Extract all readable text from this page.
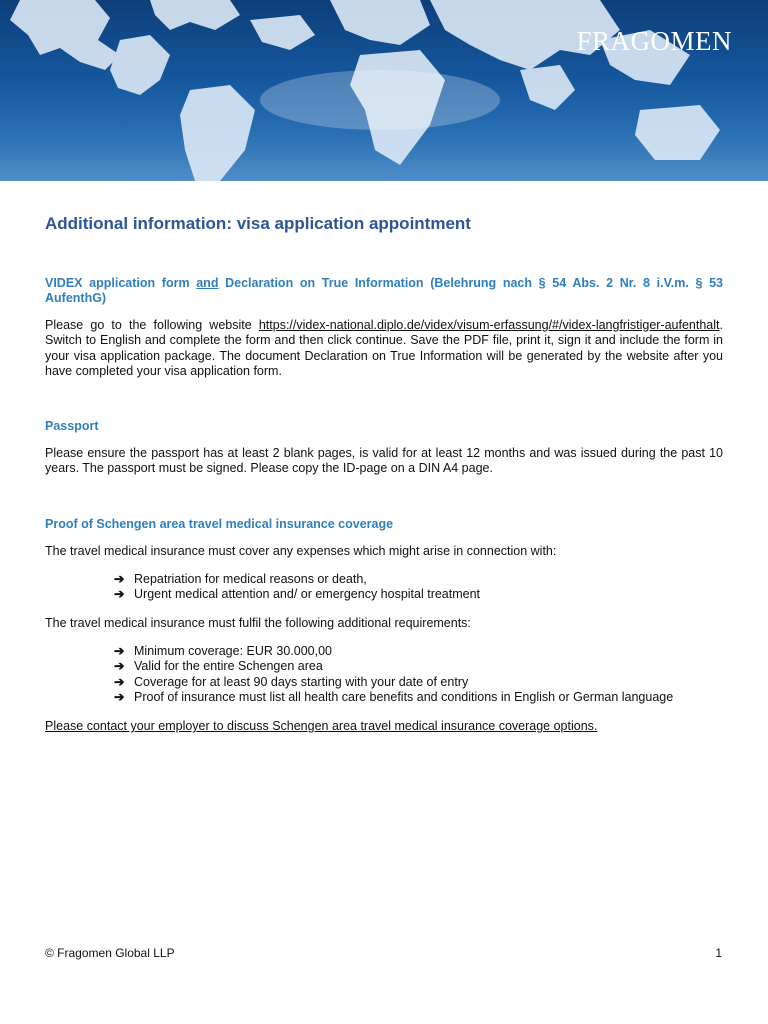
FRAGOMEN
Additional information: visa application appointment
VIDEX application form and Declaration on True Information (Belehrung nach § 54 Abs. 2 Nr. 8 i.V.m. § 53 AufenthG)
Please go to the following website https://videx-national.diplo.de/videx/visum-erfassung/#/videx-langfristiger-aufenthalt. Switch to English and complete the form and then click continue. Save the PDF file, print it, sign it and include the form in your visa application package. The document Declaration on True Information will be generated by the website after you have completed your visa application form.
Passport
Please ensure the passport has at least 2 blank pages, is valid for at least 12 months and was issued during the past 10 years. The passport must be signed. Please copy the ID-page on a DIN A4 page.
Proof of Schengen area travel medical insurance coverage
The travel medical insurance must cover any expenses which might arise in connection with:
➔ Repatriation for medical reasons or death,
➔ Urgent medical attention and/ or emergency hospital treatment
The travel medical insurance must fulfil the following additional requirements:
➔ Minimum coverage: EUR 30.000,00
➔ Valid for the entire Schengen area
➔ Coverage for at least 90 days starting with your date of entry
➔ Proof of insurance must list all health care benefits and conditions in English or German language
Please contact your employer to discuss Schengen area travel medical insurance coverage options.
© Fragomen Global LLP	1
